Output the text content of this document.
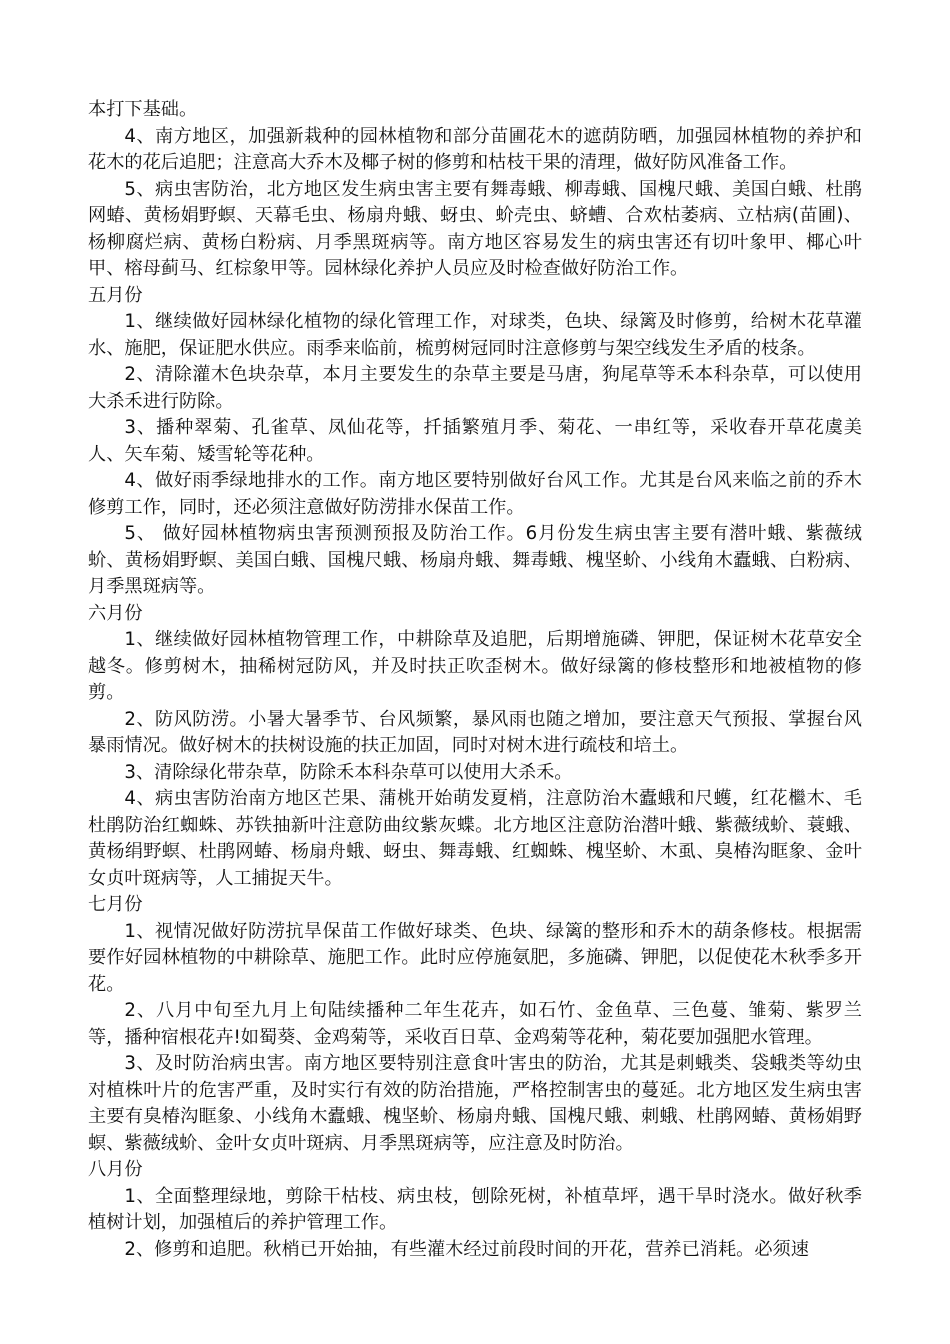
本打下基础。

4、南方地区，加强新栽种的园林植物和部分苗圃花木的遮荫防晒，加强园林植物的养护和花木的花后追肥；注意高大乔木及椰子树的修剪和枯枝干果的清理，做好防风准备工作。

5、病虫害防治，北方地区发生病虫害主要有舞毒蛾、柳毒蛾、国槐尺蛾、美国白蛾、杜鹃网蝽、黄杨娟野螟、天幕毛虫、杨扇舟蛾、蚜虫、蚧壳虫、蛴螬、合欢枯萎病、立枯病(苗圃)、杨柳腐烂病、黄杨白粉病、月季黑斑病等。南方地区容易发生的病虫害还有切叶象甲、椰心叶甲、榕母蓟马、红棕象甲等。园林绿化养护人员应及时检查做好防治工作。

五月份

1、继续做好园林绿化植物的绿化管理工作，对球类，色块、绿篱及时修剪，给树木花草灌水、施肥，保证肥水供应。雨季来临前，梳剪树冠同时注意修剪与架空线发生矛盾的枝条。

2、清除灌木色块杂草，本月主要发生的杂草主要是马唐，狗尾草等禾本科杂草，可以使用大杀禾进行防除。

3、播种翠菊、孔雀草、凤仙花等，扦插繁殖月季、菊花、一串红等，采收春开草花虞美人、矢车菊、矮雪轮等花种。

4、做好雨季绿地排水的工作。南方地区要特别做好台风工作。尤其是台风来临之前的乔木修剪工作，同时，还必须注意做好防涝排水保苗工作。

5、 做好园林植物病虫害预测预报及防治工作。6月份发生病虫害主要有潜叶蛾、紫薇绒蚧、黄杨娟野螟、美国白蛾、国槐尺蛾、杨扇舟蛾、舞毒蛾、槐坚蚧、小线角木蠹蛾、白粉病、月季黑斑病等。

六月份

1、继续做好园林植物管理工作，中耕除草及追肥，后期增施磷、钾肥，保证树木花草安全越冬。修剪树木，抽稀树冠防风，并及时扶正吹歪树木。做好绿篱的修枝整形和地被植物的修剪。

2、防风防涝。小暑大暑季节、台风频繁，暴风雨也随之增加，要注意天气预报、掌握台风暴雨情况。做好树木的扶树设施的扶正加固，同时对树木进行疏枝和培土。

3、清除绿化带杂草，防除禾本科杂草可以使用大杀禾。

4、病虫害防治南方地区芒果、蒲桃开始萌发夏梢，注意防治木蠹蛾和尺蠖，红花檵木、毛杜鹃防治红蜘蛛、苏铁抽新叶注意防曲纹紫灰蝶。北方地区注意防治潜叶蛾、紫薇绒蚧、蓑蛾、黄杨绢野螟、杜鹃网蝽、杨扇舟蛾、蚜虫、舞毒蛾、红蜘蛛、槐坚蚧、木虱、臭椿沟眶象、金叶女贞叶斑病等，人工捕捉天牛。

七月份

1、视情况做好防涝抗旱保苗工作做好球类、色块、绿篱的整形和乔木的葫条修枝。根据需要作好园林植物的中耕除草、施肥工作。此时应停施氨肥，多施磷、钾肥，以促使花木秋季多开花。

2、八月中旬至九月上旬陆续播种二年生花卉，如石竹、金鱼草、三色蔓、雏菊、紫罗兰等，播种宿根花卉!如蜀葵、金鸡菊等，采收百日草、金鸡菊等花种，菊花要加强肥水管理。

3、及时防治病虫害。南方地区要特别注意食叶害虫的防治，尤其是刺蛾类、袋蛾类等幼虫对植株叶片的危害严重，及时实行有效的防治措施，严格控制害虫的蔓延。北方地区发生病虫害主要有臭椿沟眶象、小线角木蠹蛾、槐坚蚧、杨扇舟蛾、国槐尺蛾、刺蛾、杜鹃网蝽、黄杨娟野螟、紫薇绒蚧、金叶女贞叶斑病、月季黑斑病等，应注意及时防治。

八月份

1、全面整理绿地，剪除干枯枝、病虫枝，刨除死树，补植草坪，遇干旱时浇水。做好秋季植树计划，加强植后的养护管理工作。

2、修剪和追肥。秋梢已开始抽，有些灌木经过前段时间的开花，营养已消耗。必须速
